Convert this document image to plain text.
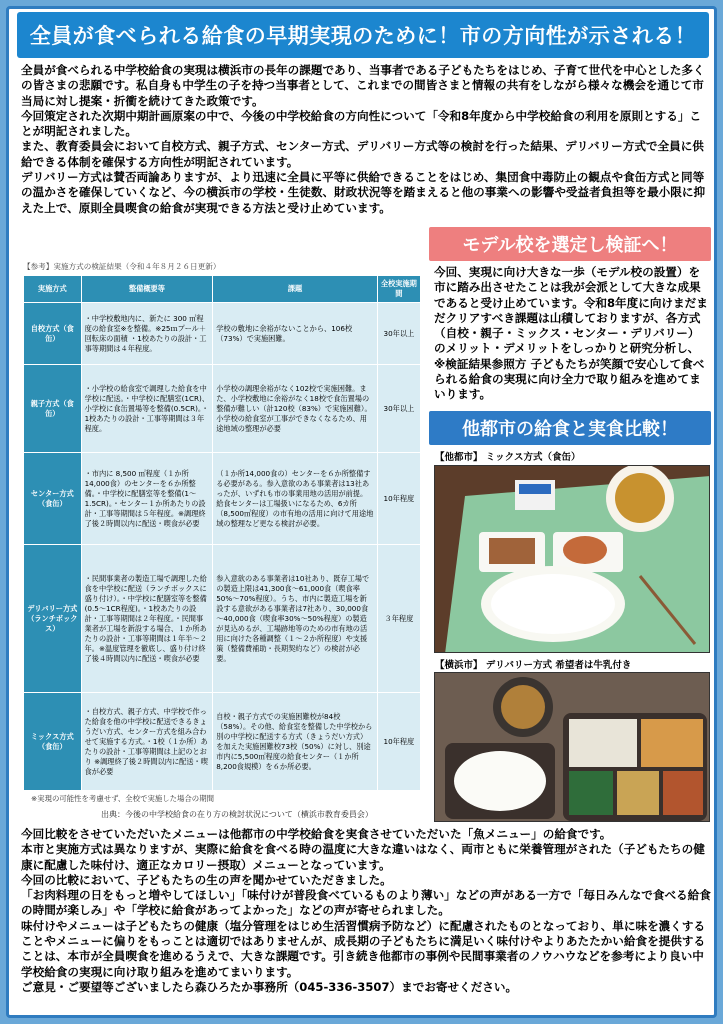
全員が食べられる給食の早期実現のために！市の方向性が示される！

全員が食べられる中学校給食の実現は横浜市の長年の課題であり、当事者である子どもたちをはじめ、子育て世代を中心とした多くの皆さまの悲願です。私自身も中学生の子を持つ当事者として、これまでの間皆さまと情報の共有をしながら様々な機会を通じて市当局に対し提案・折衝を続けてきた政策です。

今回策定された次期中期計画原案の中で、今後の中学校給食の方向性について「令和8年度から中学校給食の利用を原則とする」ことが明記されました。

また、教育委員会において自校方式、親子方式、センター方式、デリバリー方式等の検討を行った結果、デリバリー方式で全員に供給できる体制を確保する方向性が明記されています。

デリバリー方式は賛否両論ありますが、より迅速に全員に平等に供給できることをはじめ、集団食中毒防止の観点や食缶方式と同等の温かさを確保していくなど、今の横浜市の学校・生徒数、財政状況等を踏まえると他の事業への影響や受益者負担等を最小限に抑えた上で、原則全員喫食の給食が実現できる方法と受け止めています。

モデル校を選定し検証へ！
今回、実現に向け大きな一歩（モデル校の設置）を市に踏み出させたことは我が会派として大きな成果であると受け止めています。令和8年度に向けまだまだクリアすべき課題は山積しておりますが、各方式（自校・親子・ミックス・センター・デリバリー）のメリット・デメリットをしっかりと研究分析し、※検証結果参照方 子どもたちが笑顔で安心して食べられる給食の実現に向け全力で取り組みを進めてまいります。
【参考】実施方式の検証結果（令和４年８月２６日更新）
実施方式	整備概要等	課題	全校実施期間
自校方式（食缶）	・中学校敷地内に、新たに 300 ㎡程度の給食室※を整備。※25ｍプール＋回転床の面積 ・1校あたりの設計・工事等期間は４年程度。	学校の敷地に余裕がないことから、106校（73%）で実施困難。	30年以上
親子方式（食缶）	・小学校の給食室で調理した給食を中学校に配送。・中学校に配膳室(1CR)、小学校に食缶置場等を整備(0.5CR)。・1校あたりの設計・工事等期間は３年程度。	小学校の調理余裕がなく102校で実施困難。また、小学校敷地に余裕がなく18校で食缶置場の整備が難しい（計120校（83%）で実施困難）。小学校の給食室が工事ができなくなるため、用途地域の整理が必要	30年以上
センター方式（食缶）	・市内に 8,500 ㎡程度（１か所14,000食）のセンターを６か所整備。・中学校に配膳室等を整備(1～1.5CR)。・センター１か所あたりの設計・工事等期間は５年程度。※調理終了後２時間以内に配送・喫食が必要	（１か所14,000食の）センターを６か所整備する必要がある。参入意欲のある事業者は13社あったが、いずれも市の事業用地の活用が前提。給食センターは工場扱いになるため、6カ所（8,500㎡程度）の市有地の活用に向けて用途地域の整理など更なる検討が必要。	10年程度
デリバリー方式（ランチボックス）	・民間事業者の製造工場で調理した給食を中学校に配送（ランチボックスに盛り付け）。・中学校に配膳室等を整備(0.5～1CR程度)。・1校あたりの設計・工事等期間は２年程度。・民間事業者が工場を新設する場合、１か所あたりの設計・工事等期間は１年半～２年。※温度管理を徹底し、盛り付け終了後４時間以内に配送・喫食が必要	参入意欲のある事業者は10社あり、既存工場での製造上限は41,300食～61,000食（喫食率50%～70%程度）。うち、市内に製造工場を新設する意欲がある事業者は7社あり、30,000食～40,000食（喫食率30%～50%程度）の製造が見込めるが、工場跡地等のための市有地の活用に向けた各種調整（１～２か所程度）や支援策（整備費補助・長期契約など）の検討が必要。	３年程度
ミックス方式（食缶）	・自校方式、親子方式、中学校で作った給食を他の中学校に配送できるきょうだい方式、センター方式を組み合わせて実施する方式。・1校（１か所）あたりの設計・工事等期間は上記のとおり ※調理終了後２時間以内に配送・喫食が必要	自校・親子方式での実施困難校が84校（58%）。その他、給食室を整備した中学校から別の中学校に配送する方式（きょうだい方式）を加えた実施困難校73校（50%）に対し、別途市内に5,500㎡程度の給食センター（１か所8,200食規模）を６か所必要。	10年程度
※実現の可能性を考慮せず、全校で実施した場合の期間
出典：今後の中学校給食の在り方の検討状況について（横浜市教育委員会）
他都市の給食と実食比較！
【他都市】 ミックス方式（食缶）
【横浜市】 デリバリー方式 希望者は牛乳付き

今回比較をさせていただいたメニューは他都市の中学校給食を実食させていただいた「魚メニュー」の給食です。

本市と実施方式は異なりますが、実際に給食を食べる時の温度に大きな違いはなく、両市ともに栄養管理がされた（子どもたちの健康に配慮した味付け、適正なカロリー摂取）メニューとなっています。

今回の比較において、子どもたちの生の声を聞かせていただきました。

「お肉料理の日をもっと増やしてほしい」「味付けが普段食べているものより薄い」などの声がある一方で「毎日みんなで食べる給食の時間が楽しみ」や「学校に給食があってよかった」などの声が寄せられました。

味付けやメニューは子どもたちの健康（塩分管理をはじめ生活習慣病予防など）に配慮されたものとなっており、単に味を濃くすることやメニューに偏りをもっことは適切ではありませんが、成長期の子どもたちに満足いく味付けやよりあたたかい給食を提供することは、本市が全員喫食を進めるうえで、大きな課題です。引き続き他都市の事例や民間事業者のノウハウなどを参考により良い中学校給食の実現に向け取り組みを進めてまいります。

ご意見・ご要望等ございましたら森ひろたか事務所（045-336-3507）までお寄せください。
